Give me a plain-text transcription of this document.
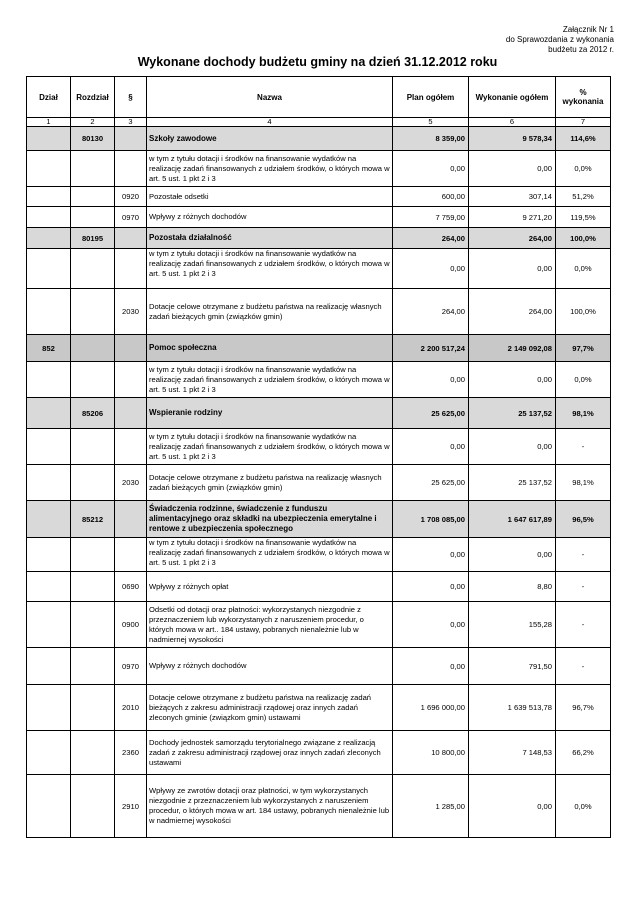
Załącznik Nr 1
do Sprawozdania z wykonania
budżetu za 2012 r.
Wykonane dochody budżetu gminy na dzień 31.12.2012 roku
Dział	Rozdział	§	Nazwa	Plan ogółem	Wykonanie ogółem	% wykonania
1	2	3	4	5	6	7
	80130		Szkoły zawodowe	8 359,00	9 578,34	114,6%
			w tym z tytułu dotacji i środków na finansowanie wydatków na realizację zadań finansowanych z udziałem środków, o których mowa w art. 5 ust. 1 pkt 2 i 3	0,00	0,00	0,0%
		0920	Pozostałe odsetki	600,00	307,14	51,2%
		0970	Wpływy z różnych dochodów	7 759,00	9 271,20	119,5%
	80195		Pozostała działalność	264,00	264,00	100,0%
			w tym z tytułu dotacji i środków na finansowanie wydatków na realizację zadań finansowanych z udziałem środków, o których mowa w art. 5 ust. 1 pkt 2 i 3	0,00	0,00	0,0%
		2030	Dotacje celowe otrzymane z budżetu państwa na realizację własnych zadań bieżących gmin (związków gmin)	264,00	264,00	100,0%
852			Pomoc społeczna	2 200 517,24	2 149 092,08	97,7%
			w tym z tytułu dotacji i środków na finansowanie wydatków na realizację zadań finansowanych z udziałem środków, o których mowa w art. 5 ust. 1 pkt 2 i 3	0,00	0,00	0,0%
	85206		Wspieranie rodziny	25 625,00	25 137,52	98,1%
			w tym z tytułu dotacji i środków na finansowanie wydatków na realizację zadań finansowanych z udziałem środków, o których mowa w art. 5 ust. 1 pkt 2 i 3	0,00	0,00	-
		2030	Dotacje celowe otrzymane z budżetu państwa na realizację własnych zadań bieżących gmin (związków gmin)	25 625,00	25 137,52	98,1%
	85212		Świadczenia rodzinne, świadczenie z funduszu alimentacyjnego oraz składki na ubezpieczenia emerytalne i rentowe z ubezpieczenia społecznego	1 708 085,00	1 647 617,89	96,5%
			w tym z tytułu dotacji i środków na finansowanie wydatków na realizację zadań finansowanych z udziałem środków, o których mowa w art. 5 ust. 1 pkt 2 i 3	0,00	0,00	-
		0690	Wpływy z różnych opłat	0,00	8,80	-
		0900	Odsetki od dotacji oraz płatności: wykorzystanych niezgodnie z przeznaczeniem lub wykorzystanych z naruszeniem procedur, o których mowa w art.. 184 ustawy, pobranych nienależnie lub w nadmiernej wysokości	0,00	155,28	-
		0970	Wpływy z różnych dochodów	0,00	791,50	-
		2010	Dotacje celowe otrzymane z budżetu państwa na realizację zadań bieżących z zakresu administracji rządowej oraz innych zadań zleconych gminie (związkom gmin) ustawami	1 696 000,00	1 639 513,78	96,7%
		2360	Dochody jednostek samorządu terytorialnego związane z realizacją zadań z zakresu administracji rządowej oraz innych zadań zleconych ustawami	10 800,00	7 148,53	66,2%
		2910	Wpływy ze zwrotów dotacji oraz płatności, w tym wykorzystanych niezgodnie z przeznaczeniem lub wykorzystanych z naruszeniem procedur, o których mowa w art. 184 ustawy, pobranych nienależnie lub w nadmiernej wysokości	1 285,00	0,00	0,0%
